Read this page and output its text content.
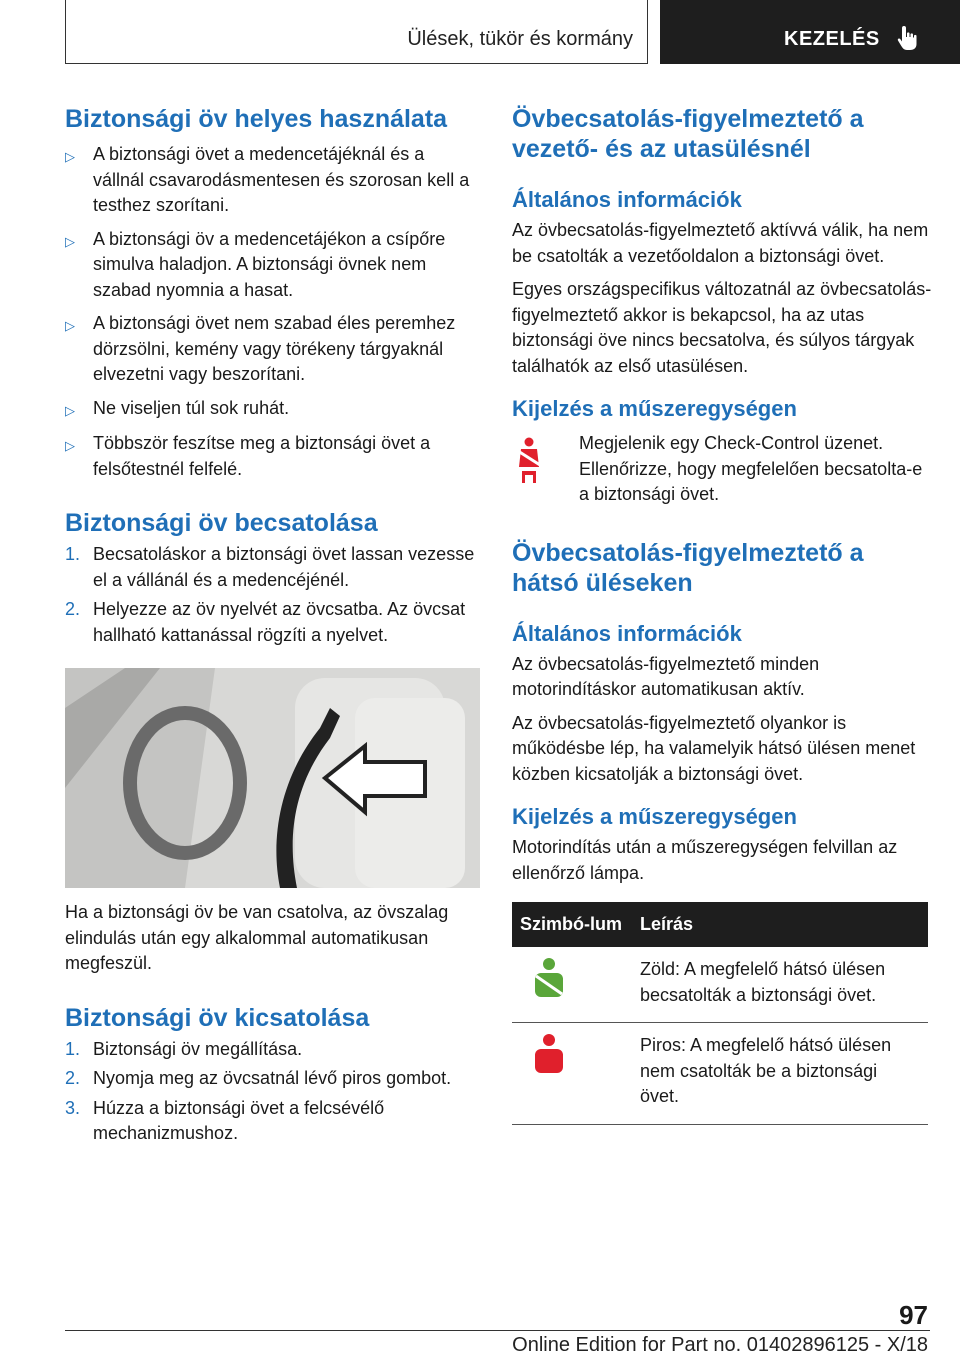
Ülések, tükör és kormány	KEZELÉS
Biztonsági öv helyes használata
▷	A biztonsági övet a medencetájéknál és a vállnál csavarodásmentesen és szorosan kell a testhez szorítani.
▷	A biztonsági öv a medencetájékon a csípőre simulva haladjon. A biztonsági övnek nem szabad nyomnia a hasat.
▷	A biztonsági övet nem szabad éles peremhez dörzsölni, kemény vagy törékeny tárgyaknál elvezetni vagy beszorítani.
▷	Ne viseljen túl sok ruhát.
▷	Többször feszítse meg a biztonsági övet a felsőtestnél felfelé.
Biztonsági öv becsatolása
1. Becsatoláskor a biztonsági övet lassan vezesse el a vállánál és a medencéjénél.
2. Helyezze az öv nyelvét az övcsatba. Az övcsat hallható kattanással rögzíti a nyelvet.

Ha a biztonsági öv be van csatolva, az övszalag elindulás után egy alkalommal automatikusan megfeszül.

Biztonsági öv kicsatolása
1. Biztonsági öv megállítása.
2. Nyomja meg az övcsatnál lévő piros gombot.
3. Húzza a biztonsági övet a felcsévélő mechanizmushoz.
Övbecsatolás-figyelmeztető a vezető- és az utasülésnél
Általános információk

Az övbecsatolás-figyelmeztető aktívvá válik, ha nem be csatolták a vezetőoldalon a biztonsági övet.

Egyes országspecifikus változatnál az övbecsatolás-figyelmeztető akkor is bekapcsol, ha az utas biztonsági öve nincs becsatolva, és súlyos tárgyak találhatók az első utasülésen.

Kijelzés a műszeregységen

Megjelenik egy Check-Control üzenet. Ellenőrizze, hogy megfelelően becsatolta-e a biztonsági övet.

Övbecsatolás-figyelmeztető a hátsó üléseken
Általános információk

Az övbecsatolás-figyelmeztető minden motorindításkor automatikusan aktív.

Az övbecsatolás-figyelmeztető olyankor is működésbe lép, ha valamelyik hátsó ülésen menet közben kicsatolják a biztonsági övet.

Kijelzés a műszeregységen

Motorindítás után a műszeregységen felvillan az ellenőrző lámpa.

Szimbó-lum	Leírás
	Zöld: A megfelelő hátsó ülésen becsatolták a biztonsági övet.
	Piros: A megfelelő hátsó ülésen nem csatolták be a biztonsági övet.
97
Online Edition for Part no. 01402896125 - X/18
